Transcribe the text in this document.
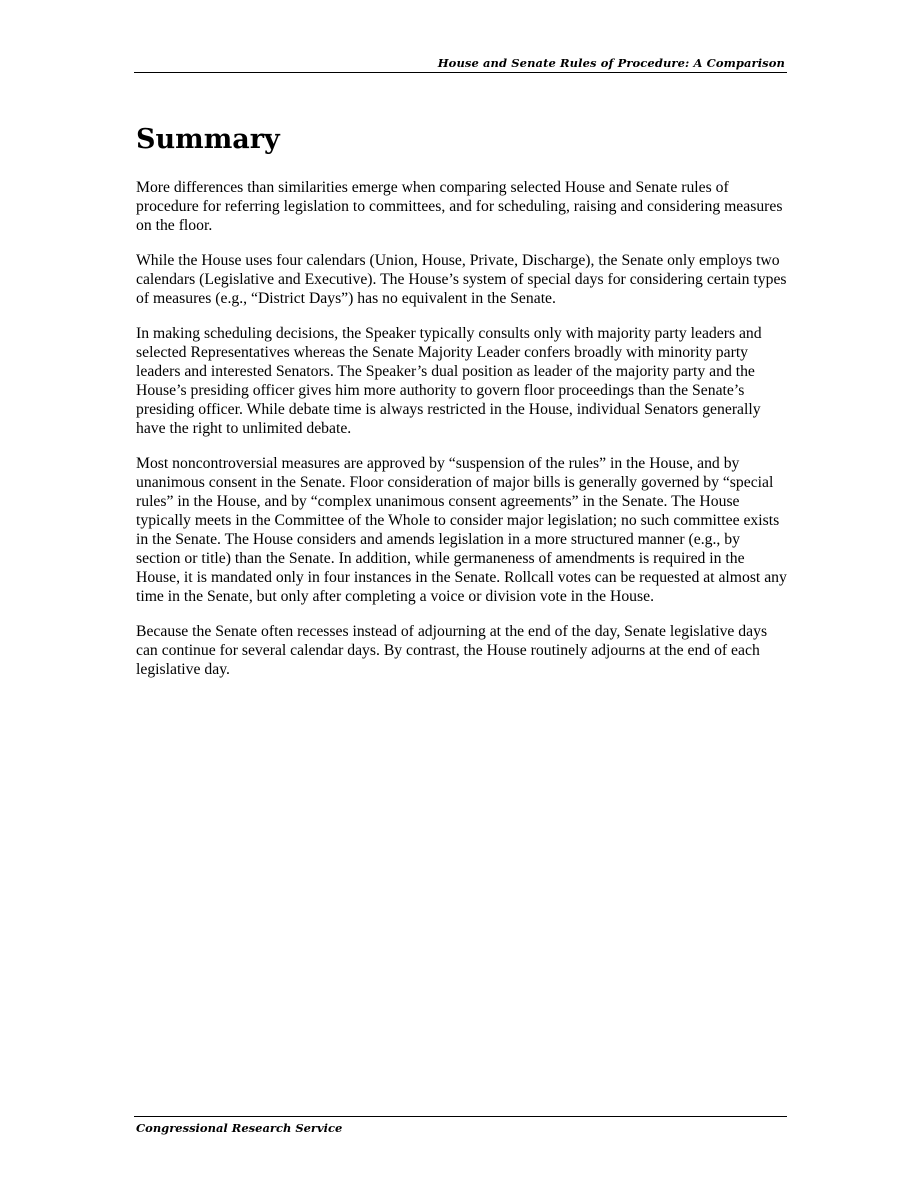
House and Senate Rules of Procedure: A Comparison
Summary

More differences than similarities emerge when comparing selected House and Senate rules of procedure for referring legislation to committees, and for scheduling, raising and considering measures on the floor.

While the House uses four calendars (Union, House, Private, Discharge), the Senate only employs two calendars (Legislative and Executive). The House’s system of special days for considering certain types of measures (e.g., “District Days”) has no equivalent in the Senate.

In making scheduling decisions, the Speaker typically consults only with majority party leaders and selected Representatives whereas the Senate Majority Leader confers broadly with minority party leaders and interested Senators. The Speaker’s dual position as leader of the majority party and the House’s presiding officer gives him more authority to govern floor proceedings than the Senate’s presiding officer. While debate time is always restricted in the House, individual Senators generally have the right to unlimited debate.

Most noncontroversial measures are approved by “suspension of the rules” in the House, and by unanimous consent in the Senate. Floor consideration of major bills is generally governed by “special rules” in the House, and by “complex unanimous consent agreements” in the Senate. The House typically meets in the Committee of the Whole to consider major legislation; no such committee exists in the Senate. The House considers and amends legislation in a more structured manner (e.g., by section or title) than the Senate. In addition, while germaneness of amendments is required in the House, it is mandated only in four instances in the Senate. Rollcall votes can be requested at almost any time in the Senate, but only after completing a voice or division vote in the House.

Because the Senate often recesses instead of adjourning at the end of the day, Senate legislative days can continue for several calendar days. By contrast, the House routinely adjourns at the end of each legislative day.

Congressional Research Service
